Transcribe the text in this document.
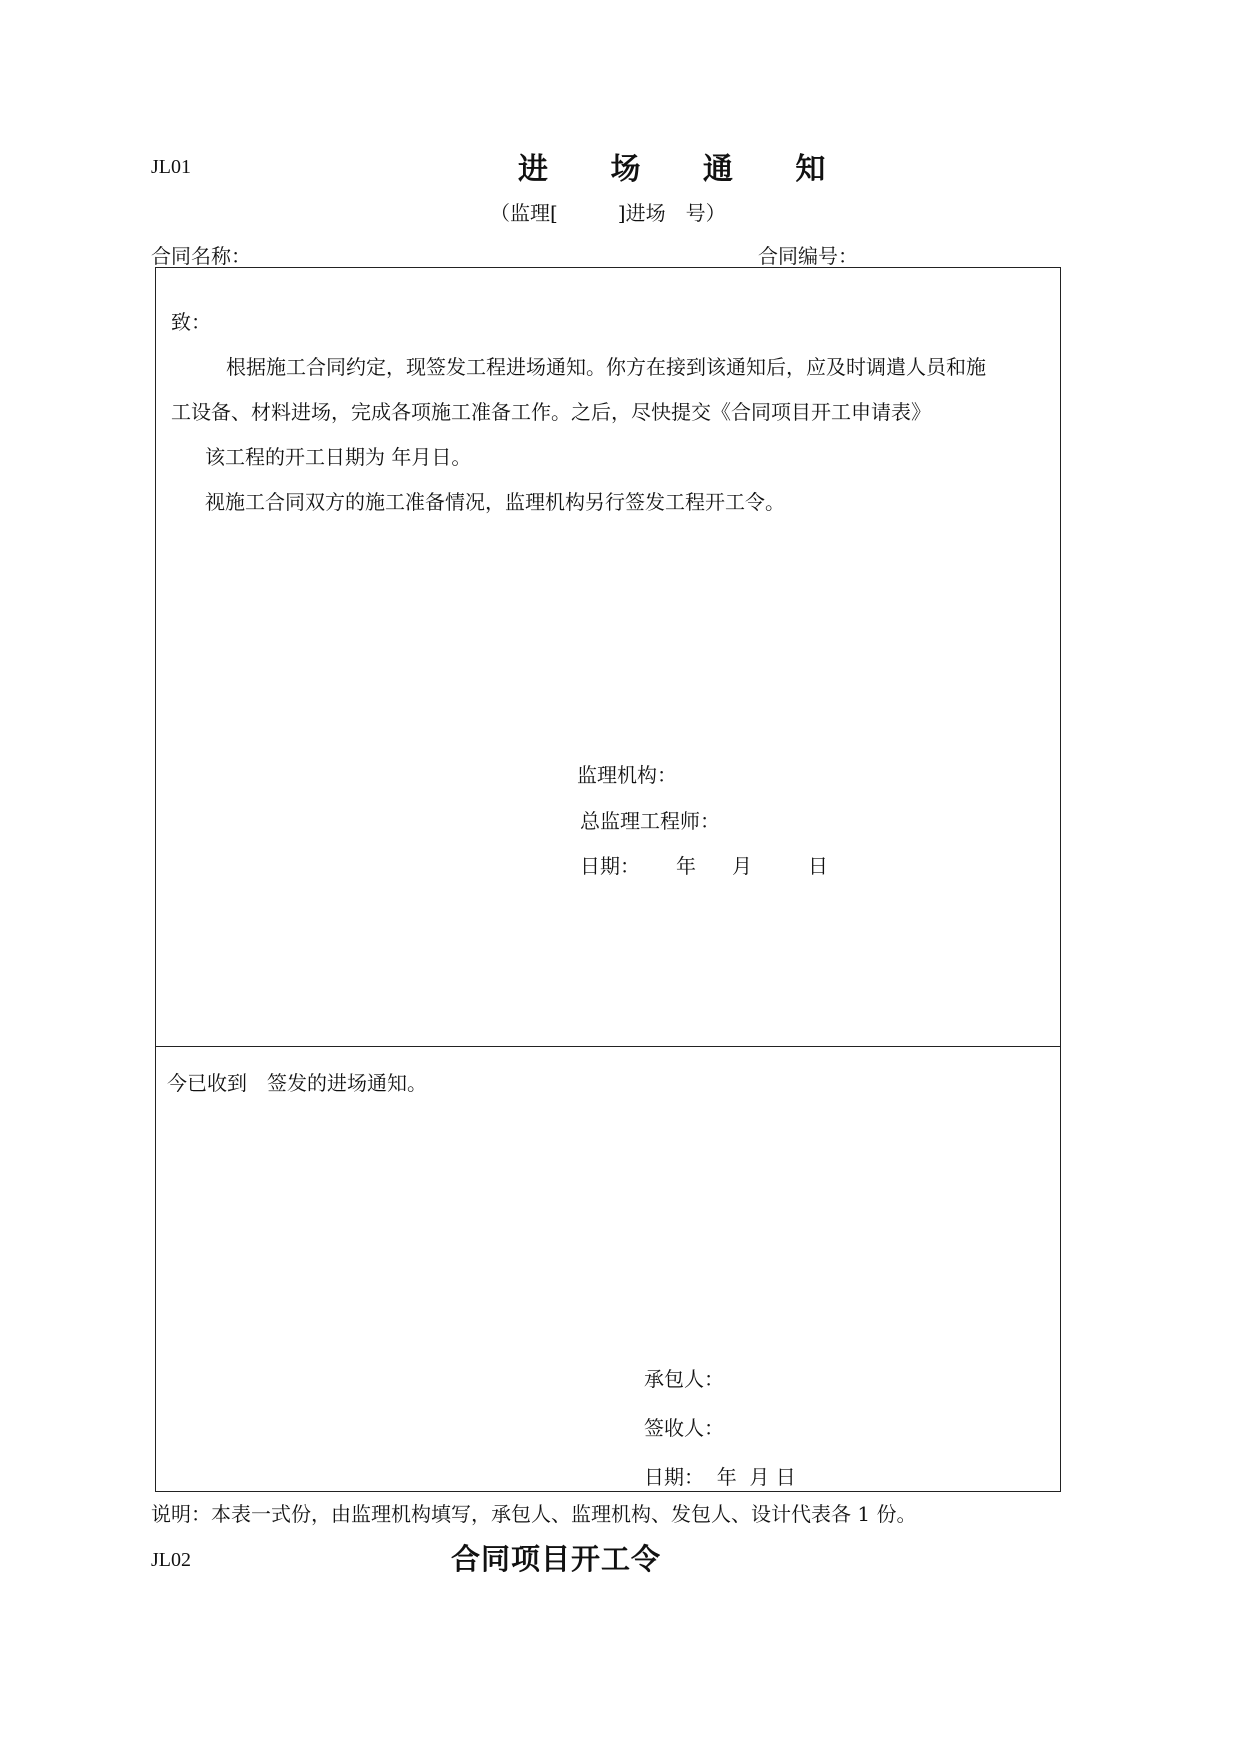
JL01	进 场 通 知
（监理[　　　]进场　号）
合同名称：	合同编号：
致：
根据施工合同约定，现签发工程进场通知。你方在接到该通知后，应及时调遣人员和施
工设备、材料进场，完成各项施工准备工作。之后，尽快提交《合同项目开工申请表》
该工程的开工日期为 年月日。
视施工合同双方的施工准备情况，监理机构另行签发工程开工令。
监理机构：
总监理工程师：
日期： 年 月	日
今已收到　签发的进场通知。
承包人：
签收人：
日期：  年  月 日
说明：本表一式份，由监理机构填写，承包人、监理机构、发包人、设计代表各 1 份。
JL02	合同项目开工令
